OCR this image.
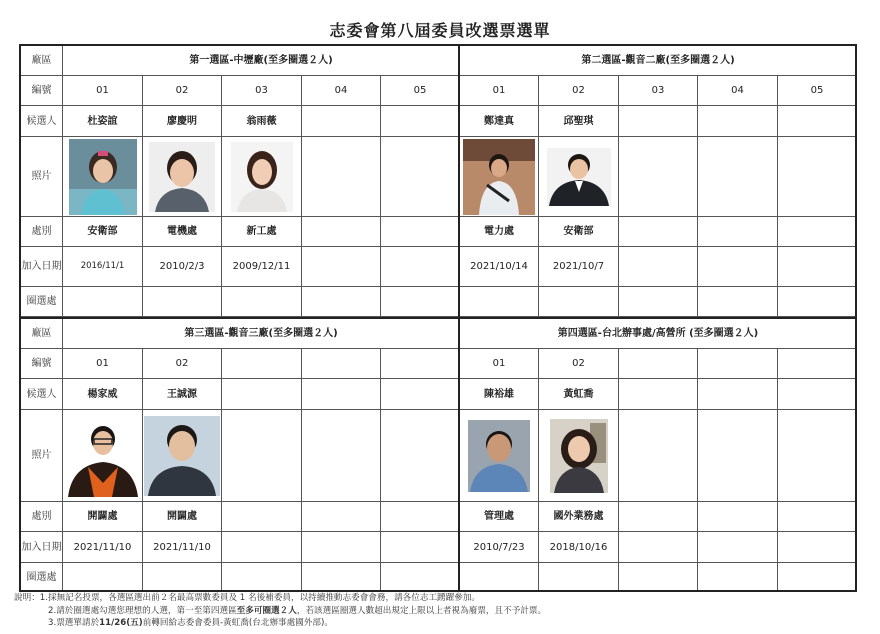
志委會第八屆委員改選票選單
廠區	第一選區-中壢廠(至多圈選２人)				
編號	01	02	03	04	05
候選人	杜姿誼	廖慶明	翁雨薇		
照片					
處別	安衛部	電機處	新工處		
加入日期	2016/11/1	2010/2/3	2009/12/11		
圈選處					
第二選區-觀音二廠(至多圈選２人)				
01	02	03	04	05
鄭達真	邱聖琪			

電力處	安衛部			
2021/10/14	2021/10/7			

廠區	第三選區-觀音三廠(至多圈選２人)				
編號	01	02			
候選人	楊家威	王誠源			
照片					
處別	開闢處	開闢處			
加入日期	2021/11/10	2021/11/10			
圈選處					
第四選區-台北辦事處/高營所 (至多圈選２人)				
01	02			
陳裕雄	黃虹喬			

管理處	國外業務處			
2010/7/23	2018/10/16			

說明：1.採無記名投票，各選區選出前２名最高票數委員及 1 名後補委員，以持續推動志委會會務，請各位志工踴躍參加。
2.請於圈選處勾選您理想的人選，第一至第四選區至多可圈選２人，若該選區圈選人數超出規定上限以上者視為廢票，且不予計票。
3.票選單請於11/26(五)前轉回給志委會委員-黃虹喬(台北辦事處國外部)。
